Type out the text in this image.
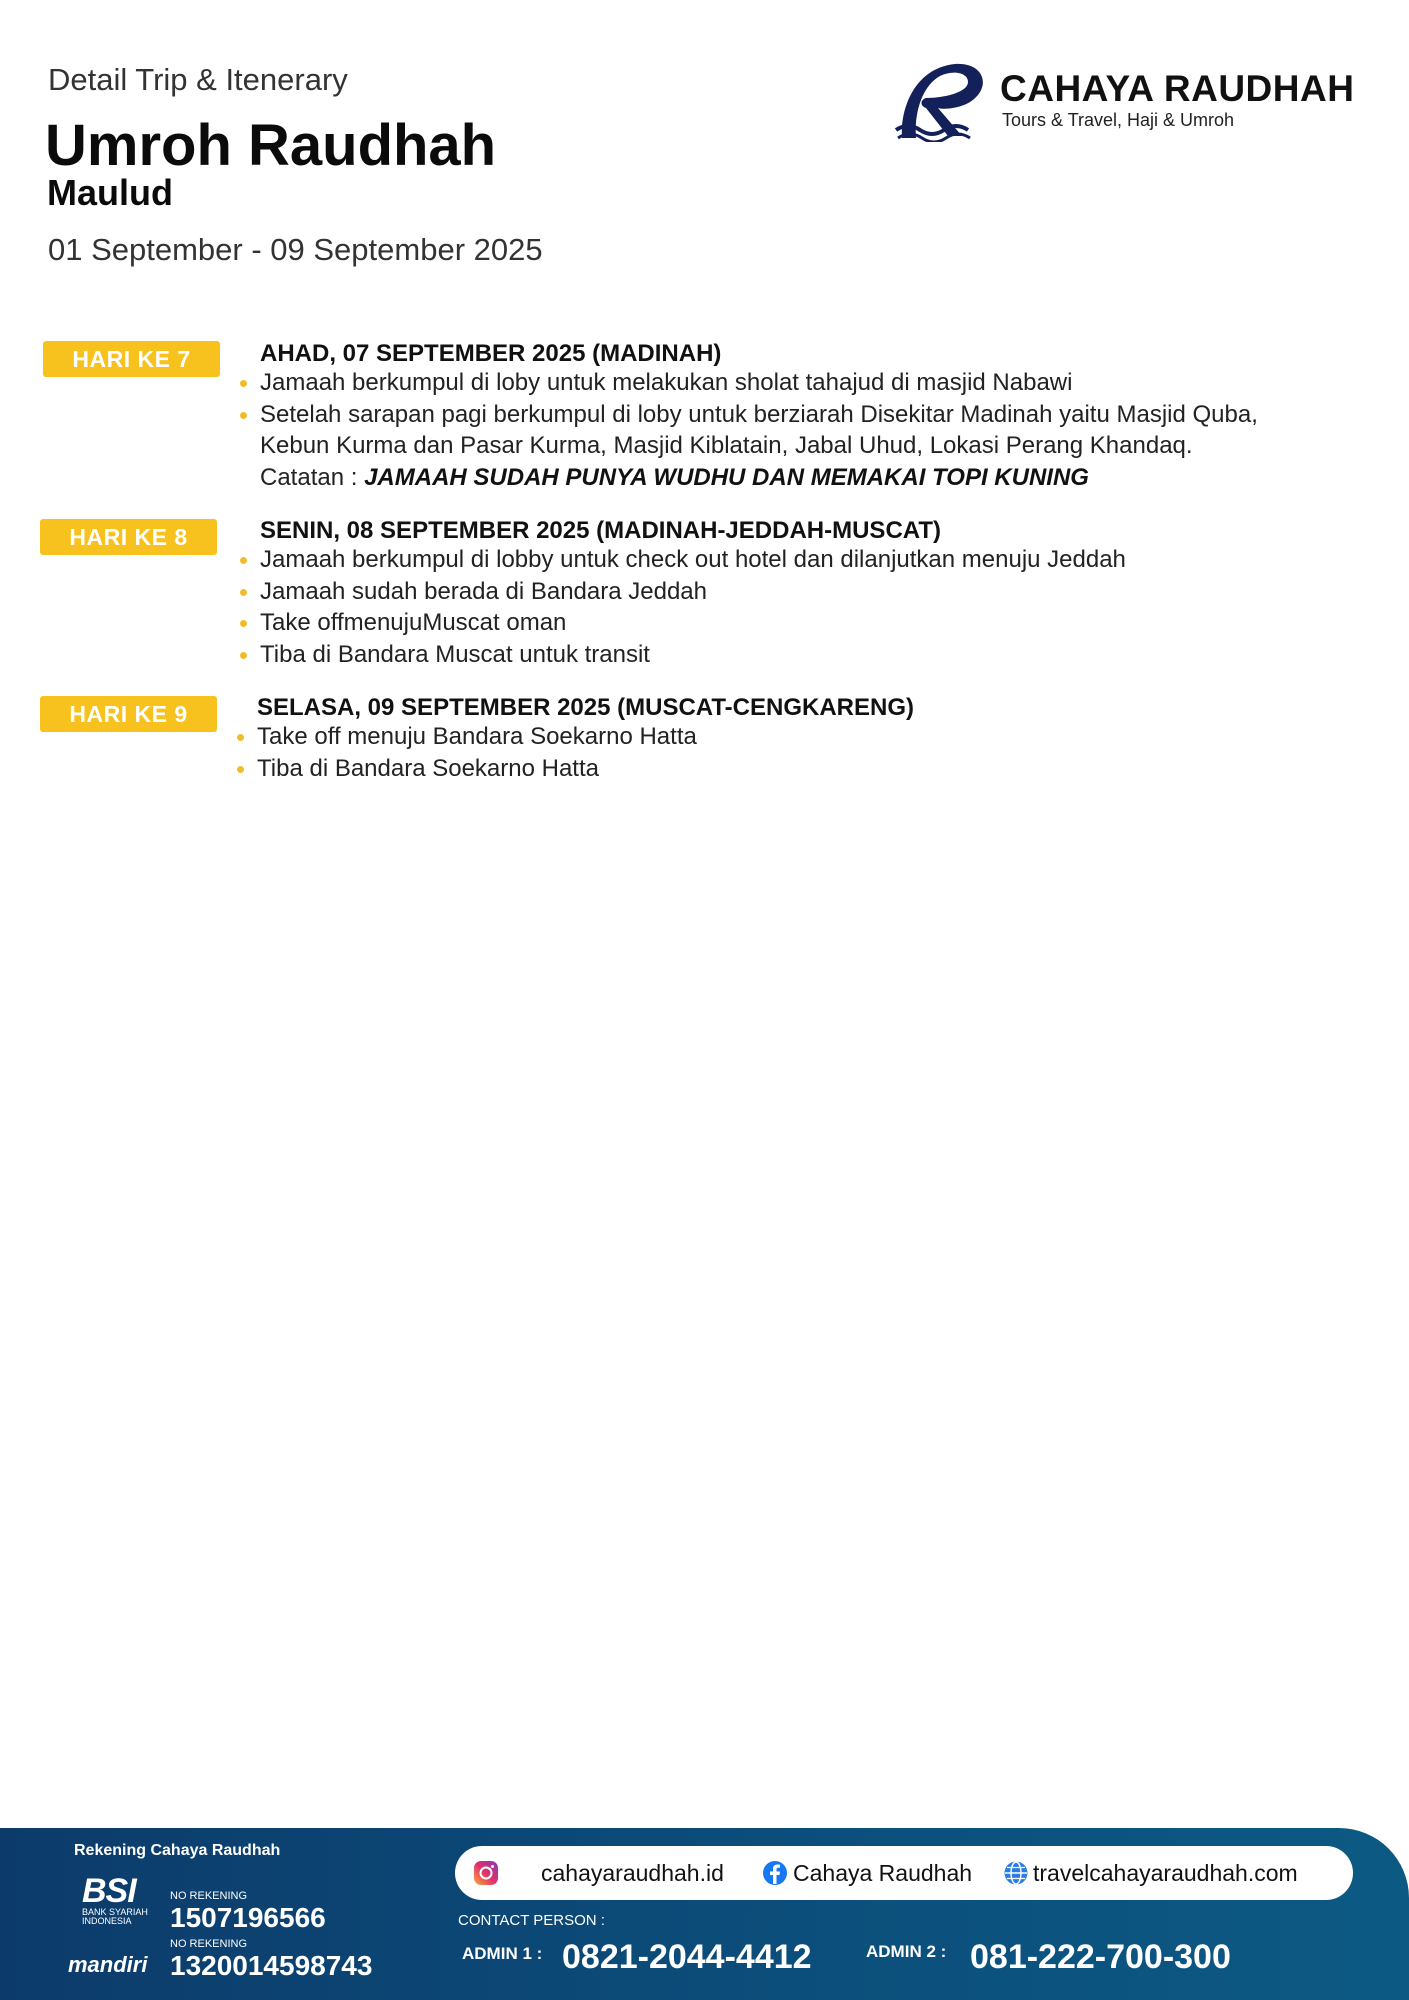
Detail Trip & Itenerary
Umroh Raudhah
Maulud
01 September - 09 September 2025
CAHAYA RAUDHAH
Tours & Travel, Haji & Umroh
HARI KE 7	AHAD, 07 SEPTEMBER 2025 (MADINAH)
Jamaah berkumpul di loby untuk melakukan sholat tahajud di masjid Nabawi
Setelah sarapan pagi berkumpul di loby untuk berziarah Disekitar Madinah yaitu Masjid Quba,
Kebun Kurma dan Pasar Kurma, Masjid Kiblatain, Jabal Uhud, Lokasi Perang Khandaq.
Catatan : JAMAAH SUDAH PUNYA WUDHU DAN MEMAKAI TOPI KUNING
HARI KE 8	SENIN, 08 SEPTEMBER 2025 (MADINAH-JEDDAH-MUSCAT)
Jamaah berkumpul di lobby untuk check out hotel dan dilanjutkan menuju Jeddah
Jamaah sudah berada di Bandara Jeddah
Take offmenujuMuscat oman
Tiba di Bandara Muscat untuk transit
HARI KE 9	SELASA, 09 SEPTEMBER 2025 (MUSCAT-CENGKARENG)
Take off menuju Bandara Soekarno Hatta
Tiba di Bandara Soekarno Hatta
Rekening Cahaya Raudhah
BSI
BANK SYARIAH INDONESIA
NO REKENING
1507196566
mandiri
NO REKENING
1320014598743
cahayaraudhah.id	Cahaya Raudhah	travelcahayaraudhah.com
CONTACT PERSON :
ADMIN 1 : 0821-2044-4412	ADMIN 2 : 081-222-700-300
